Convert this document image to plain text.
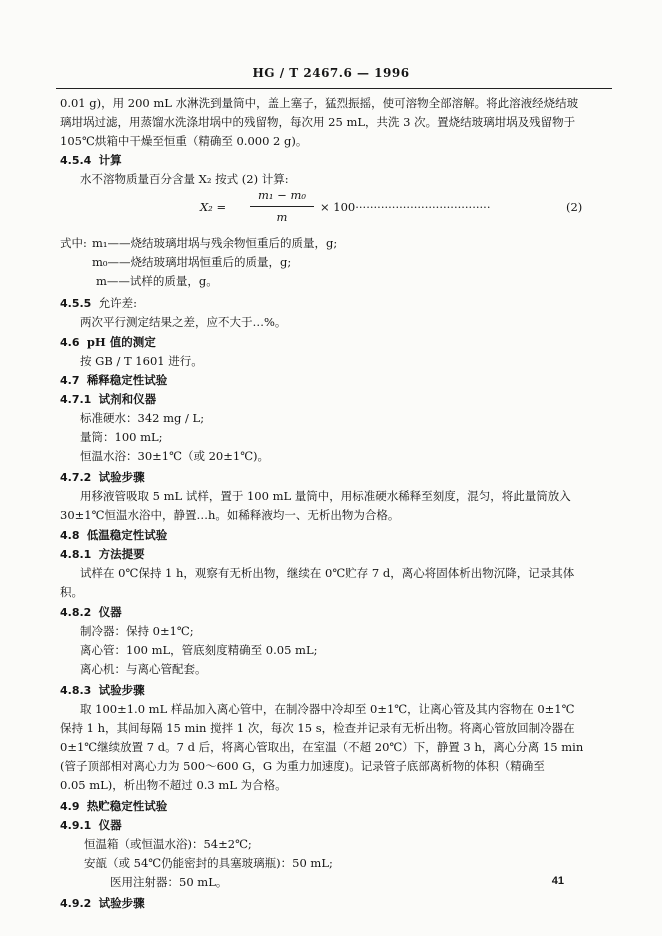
HG / T 2467.6 — 1996
0.01 g)，用 200 mL 水淋洗到量筒中，盖上塞子，猛烈振摇，使可溶物全部溶解。将此溶液经烧结玻
璃坩埚过滤，用蒸馏水洗涤坩埚中的残留物，每次用 25 mL，共洗 3 次。置烧结玻璃坩埚及残留物于
105℃烘箱中干燥至恒重（精确至 0.000 2 g)。
4.5.4 计算
水不溶物质量百分含量 X₂ 按式 (2) 计算:
X₂ =
m₁ − m₀
m
× 100·····································	(2)
式中: m₁——烧结玻璃坩埚与残余物恒重后的质量，g;
m₀——烧结玻璃坩埚恒重后的质量，g;
m——试样的质量，g。
4.5.5 允许差:
两次平行测定结果之差，应不大于…%。
4.6 pH 值的测定
按 GB / T 1601 进行。
4.7 稀释稳定性试验
4.7.1 试剂和仪器
标准硬水：342 mg / L;
量筒：100 mL;
恒温水浴：30±1℃（或 20±1℃)。
4.7.2 试验步骤
用移液管吸取 5 mL 试样，置于 100 mL 量筒中，用标准硬水稀释至刻度，混匀，将此量筒放入
30±1℃恒温水浴中，静置…h。如稀释液均一、无析出物为合格。
4.8 低温稳定性试验
4.8.1 方法提要
试样在 0℃保持 1 h，观察有无析出物，继续在 0℃贮存 7 d，离心将固体析出物沉降，记录其体
积。
4.8.2 仪器
制冷器：保持 0±1℃;
离心管：100 mL，管底刻度精确至 0.05 mL;
离心机：与离心管配套。
4.8.3 试验步骤
取 100±1.0 mL 样品加入离心管中，在制冷器中冷却至 0±1℃，让离心管及其内容物在 0±1℃
保持 1 h，其间每隔 15 min 搅拌 1 次，每次 15 s，检查并记录有无析出物。将离心管放回制冷器在
0±1℃继续放置 7 d。7 d 后，将离心管取出，在室温（不超 20℃）下，静置 3 h，离心分离 15 min
(管子顶部相对离心力为 500～600 G，G 为重力加速度)。记录管子底部离析物的体积（精确至
0.05 mL)，析出物不超过 0.3 mL 为合格。
4.9 热贮稳定性试验
4.9.1 仪器
恒温箱（或恒温水浴)：54±2℃;
安瓿（或 54℃仍能密封的具塞玻璃瓶)：50 mL;
医用注射器：50 mL。
4.9.2 试验步骤
41
